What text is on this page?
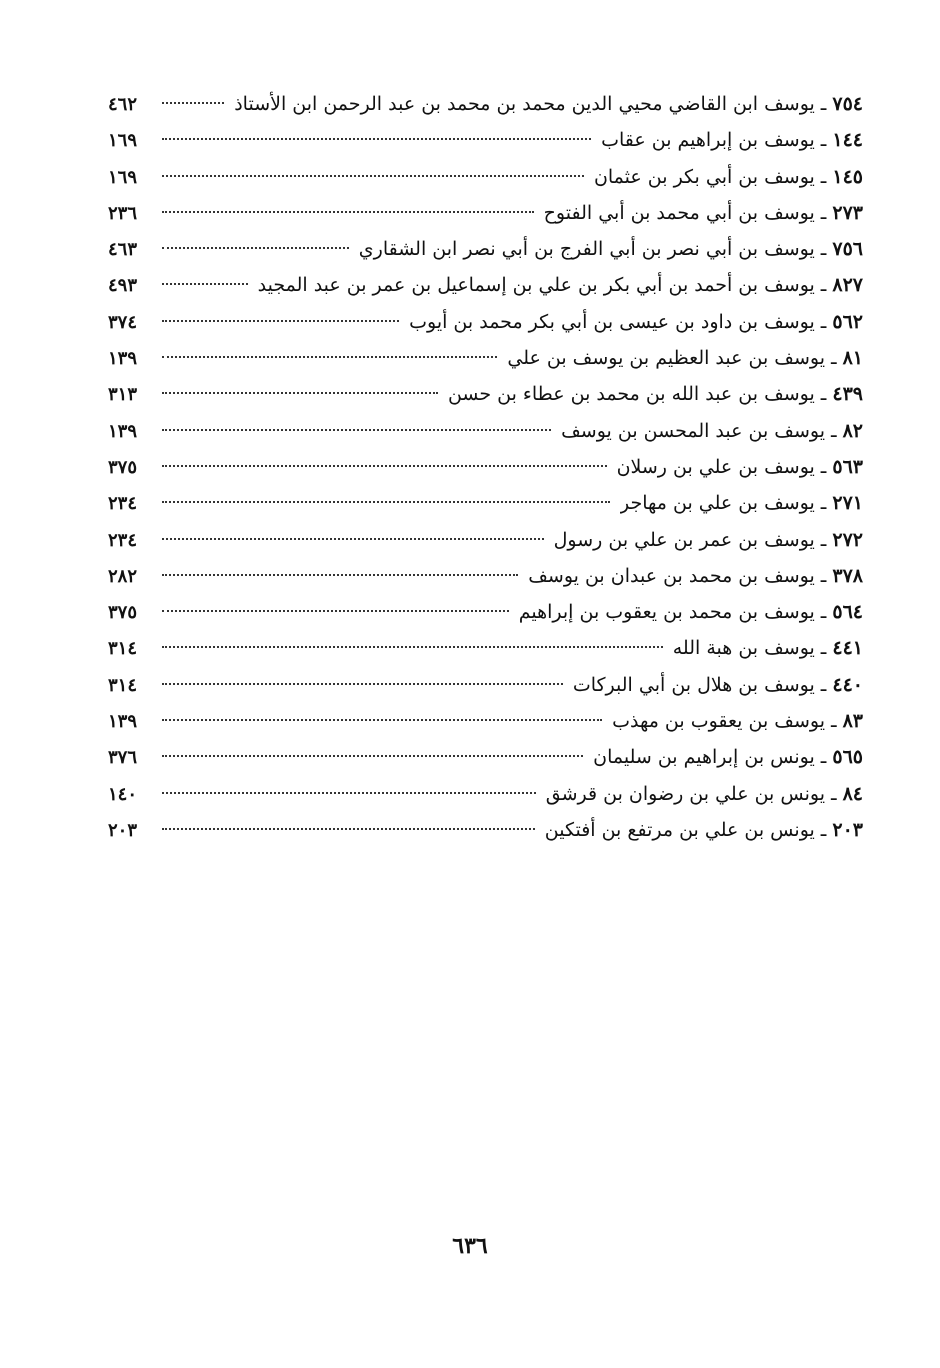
٧٥٤
ـ
يوسف ابن القاضي محيي الدين محمد بن محمد بن عبد الرحمن ابن الأستاذ
٤٦٢
١٤٤
ـ
يوسف بن إبراهيم بن عقاب
١٦٩
١٤٥
ـ
يوسف بن أبي بكر بن عثمان
١٦٩
٢٧٣
ـ
يوسف بن أبي محمد بن أبي الفتوح
٢٣٦
٧٥٦
ـ
يوسف بن أبي نصر بن أبي الفرج بن أبي نصر ابن الشقاري
٤٦٣
٨٢٧
ـ
يوسف بن أحمد بن أبي بكر بن علي بن إسماعيل بن عمر بن عبد المجيد
٤٩٣
٥٦٢
ـ
يوسف بن داود بن عيسى بن أبي بكر محمد بن أيوب
٣٧٤
٨١
ـ
يوسف بن عبد العظيم بن يوسف بن علي
١٣٩
٤٣٩
ـ
يوسف بن عبد الله بن محمد بن عطاء بن حسن
٣١٣
٨٢
ـ
يوسف بن عبد المحسن بن يوسف
١٣٩
٥٦٣
ـ
يوسف بن علي بن رسلان
٣٧٥
٢٧١
ـ
يوسف بن علي بن مهاجر
٢٣٤
٢٧٢
ـ
يوسف بن عمر بن علي بن رسول
٢٣٤
٣٧٨
ـ
يوسف بن محمد بن عبدان بن يوسف
٢٨٢
٥٦٤
ـ
يوسف بن محمد بن يعقوب بن إبراهيم
٣٧٥
٤٤١
ـ
يوسف بن هبة الله
٣١٤
٤٤٠
ـ
يوسف بن هلال بن أبي البركات
٣١٤
٨٣
ـ
يوسف بن يعقوب بن مهذب
١٣٩
٥٦٥
ـ
يونس بن إبراهيم بن سليمان
٣٧٦
٨٤
ـ
يونس بن علي بن رضوان بن قرشق
١٤٠
٢٠٣
ـ
يونس بن علي بن مرتفع بن أفتكين
٢٠٣
٦٣٦
